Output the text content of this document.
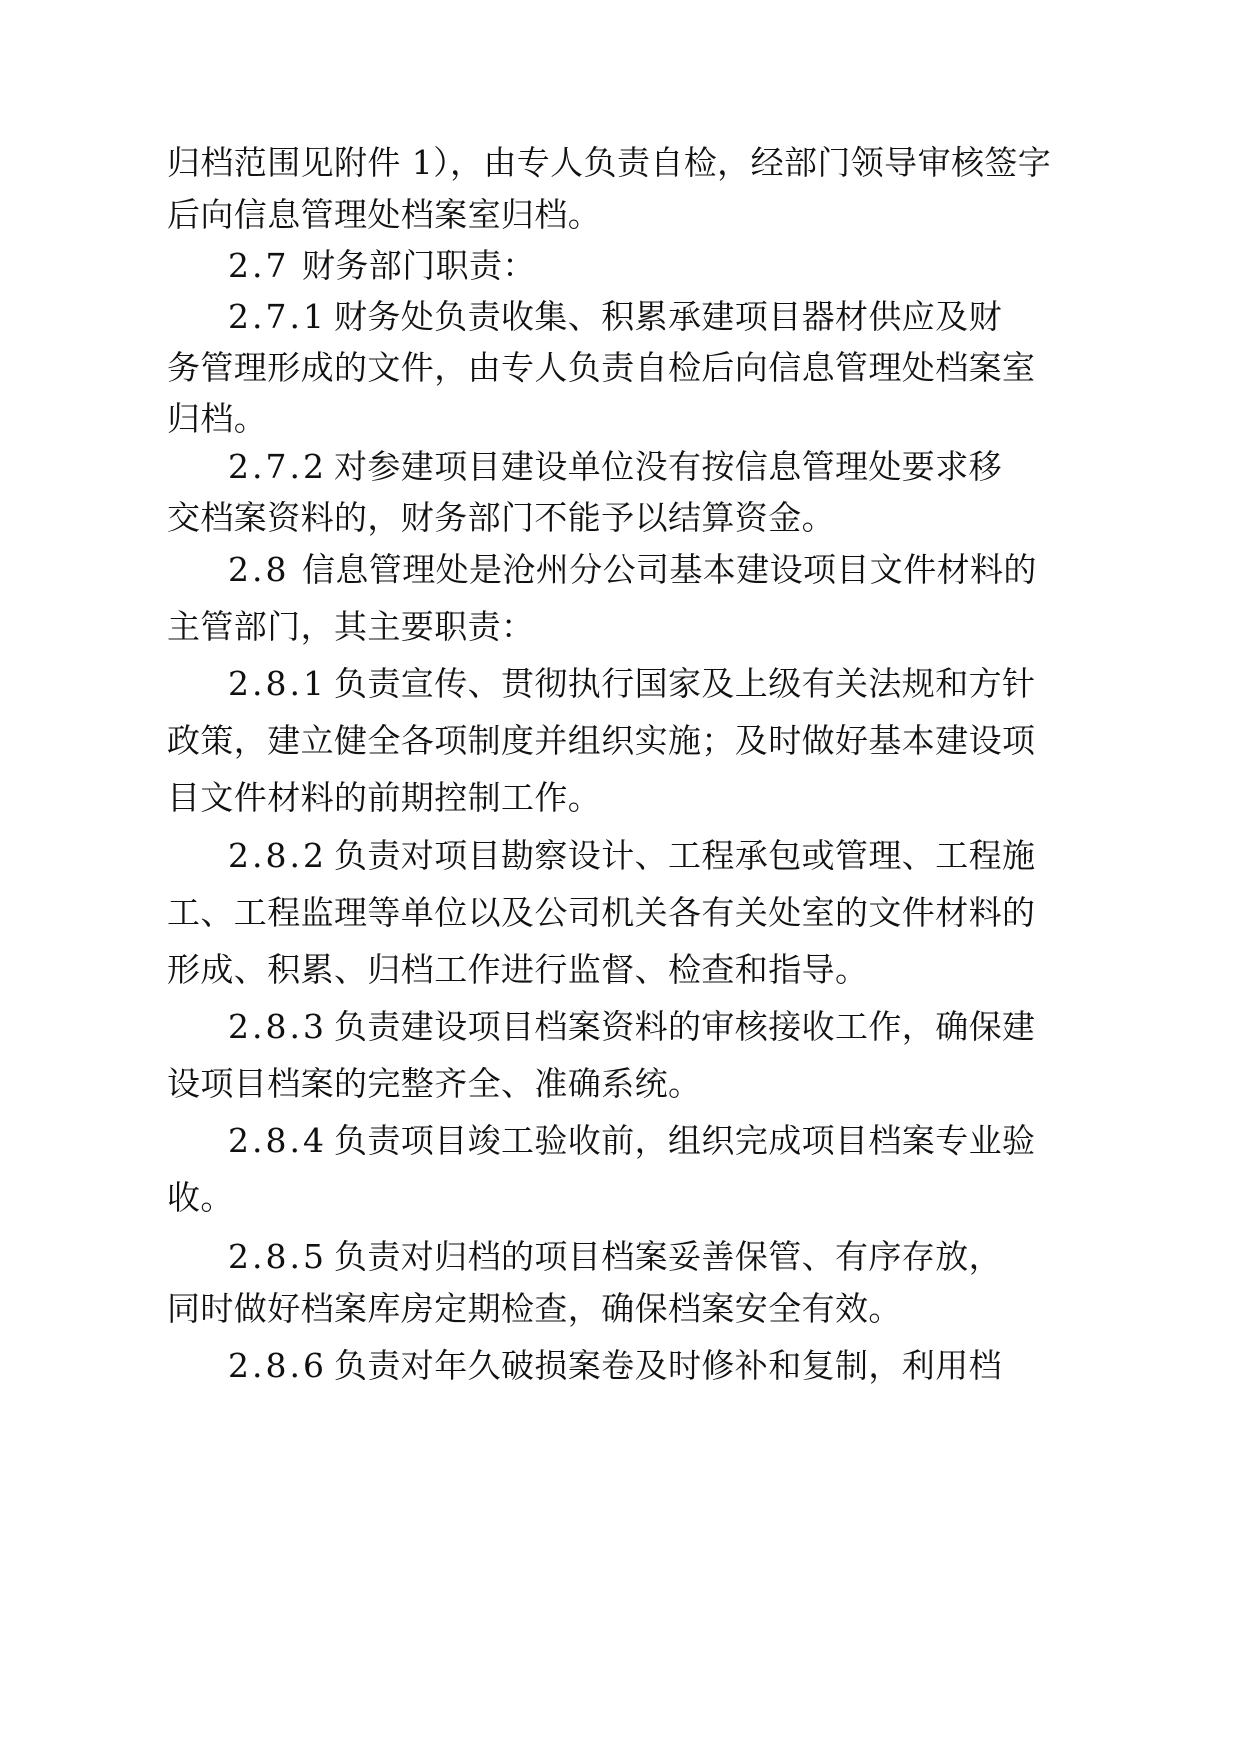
归档范围见附件 1），由专人负责自检，经部门领导审核签字
后向信息管理处档案室归档。
2.7 财务部门职责：
2.7.1 财务处负责收集、积累承建项目器材供应及财
务管理形成的文件，由专人负责自检后向信息管理处档案室
归档。
2.7.2 对参建项目建设单位没有按信息管理处要求移
交档案资料的，财务部门不能予以结算资金。
2.8 信息管理处是沧州分公司基本建设项目文件材料的
主管部门，其主要职责：
2.8.1 负责宣传、贯彻执行国家及上级有关法规和方针
政策，建立健全各项制度并组织实施；及时做好基本建设项
目文件材料的前期控制工作。
2.8.2 负责对项目勘察设计、工程承包或管理、工程施
工、工程监理等单位以及公司机关各有关处室的文件材料的
形成、积累、归档工作进行监督、检查和指导。
2.8.3 负责建设项目档案资料的审核接收工作，确保建
设项目档案的完整齐全、准确系统。
2.8.4 负责项目竣工验收前，组织完成项目档案专业验
收。
2.8.5 负责对归档的项目档案妥善保管、有序存放，
同时做好档案库房定期检查，确保档案安全有效。
2.8.6 负责对年久破损案卷及时修补和复制，利用档
